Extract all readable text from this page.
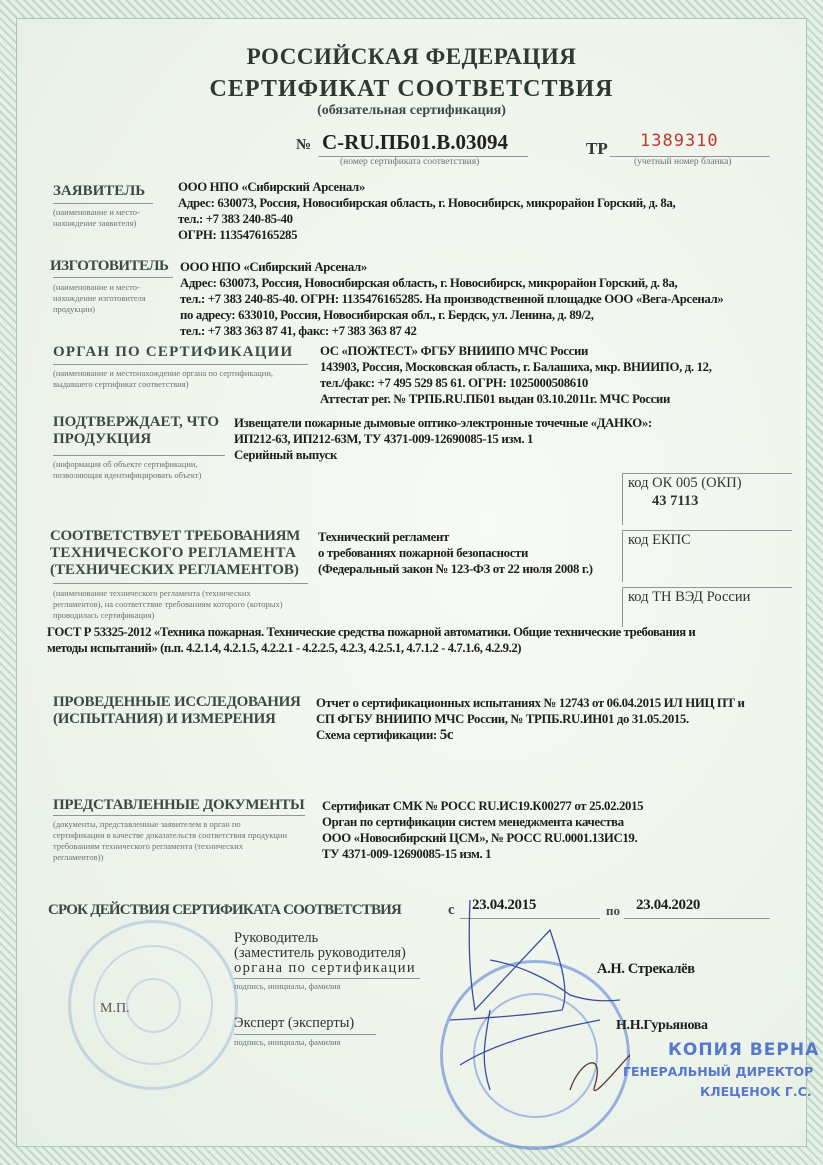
РОССИЙСКАЯ ФЕДЕРАЦИЯ
СЕРТИФИКАТ СООТВЕТСТВИЯ
(обязательная сертификация)
№ C-RU.ПБ01.В.03094
(номер сертификата соответствия)
ТР 1389310
(учетный номер бланка)
ЗАЯВИТЕЛЬ
(наименование и место-нахождение заявителя)
ООО НПО «Сибирский Арсенал»
Адрес: 630073, Россия, Новосибирская область, г. Новосибирск, микрорайон Горский, д. 8а,
тел.: +7 383 240-85-40
ОГРН: 1135476165285
ИЗГОТОВИТЕЛЬ
(наименование и место-нахождение изготовителя продукции)
ООО НПО «Сибирский Арсенал»
Адрес: 630073, Россия, Новосибирская область, г. Новосибирск, микрорайон Горский, д. 8а,
тел.: +7 383 240-85-40. ОГРН: 1135476165285. На производственной площадке ООО «Вега-Арсенал»
по адресу: 633010, Россия, Новосибирская обл., г. Бердск, ул. Ленина, д. 89/2,
тел.: +7 383 363 87 41, факс: +7 383 363 87 42
ОРГАН ПО СЕРТИФИКАЦИИ
(наименование и местонахождение органа по сертификации, выдавшего сертификат соответствия)
ОС «ПОЖТЕСТ» ФГБУ ВНИИПО МЧС России
143903, Россия, Московская область, г. Балашиха, мкр. ВНИИПО, д. 12,
тел./факс: +7 495 529 85 61. ОГРН: 1025000508610
Аттестат рег. № ТРПБ.RU.ПБ01 выдан 03.10.2011г. МЧС России
ПОДТВЕРЖДАЕТ, ЧТО
ПРОДУКЦИЯ
(информация об объекте сертификации, позволяющая идентифицировать объект)
Извещатели пожарные дымовые оптико-электронные точечные «ДАНКО»:
ИП212-63, ИП212-63М, ТУ 4371-009-12690085-15 изм. 1
Серийный выпуск
код ОК 005 (ОКП)
43 7113
код ЕКПС
код ТН ВЭД России
СООТВЕТСТВУЕТ ТРЕБОВАНИЯМ
ТЕХНИЧЕСКОГО РЕГЛАМЕНТА
(ТЕХНИЧЕСКИХ РЕГЛАМЕНТОВ)
(наименование технического регламента (технических регламентов), на соответствие требованиям которого (которых) проводилась сертификация)
Технический регламент
о требованиях пожарной безопасности
(Федеральный закон № 123-ФЗ от 22 июля 2008 г.)
ГОСТ Р 53325-2012 «Техника пожарная. Технические средства пожарной автоматики. Общие технические требования и
методы испытаний» (п.п. 4.2.1.4, 4.2.1.5, 4.2.2.1 - 4.2.2.5, 4.2.3, 4.2.5.1, 4.7.1.2 - 4.7.1.6, 4.2.9.2)
ПРОВЕДЕННЫЕ ИССЛЕДОВАНИЯ
(ИСПЫТАНИЯ) И ИЗМЕРЕНИЯ
Отчет о сертификационных испытаниях № 12743 от 06.04.2015 ИЛ НИЦ ПТ и
СП ФГБУ ВНИИПО МЧС России, № ТРПБ.RU.ИН01 до 31.05.2015.
Схема сертификации: 5с
ПРЕДСТАВЛЕННЫЕ ДОКУМЕНТЫ
(документы, представленные заявителем в орган по сертификации в качестве доказательств соответствия продукции требованиям технического регламента (технических регламентов))
Сертификат СМК № РОСС RU.ИС19.К00277 от 25.02.2015
Орган по сертификации систем менеджмента качества
ООО «Новосибирский ЦСМ», № РОСС RU.0001.13ИС19.
ТУ 4371-009-12690085-15 изм. 1
СРОК ДЕЙСТВИЯ СЕРТИФИКАТА СООТВЕТСТВИЯ	с 23.04.2015	по 23.04.2020
Руководитель
(заместитель руководителя)
органа по сертификации
подпись, инициалы, фамилия
А.Н. Стрекалёв
М.П.
Эксперт (эксперты)
подпись, инициалы, фамилия
Н.Н.Гурьянова
КОПИЯ ВЕРНА
ГЕНЕРАЛЬНЫЙ ДИРЕКТОР
КЛЕЦЕНОК Г.С.
